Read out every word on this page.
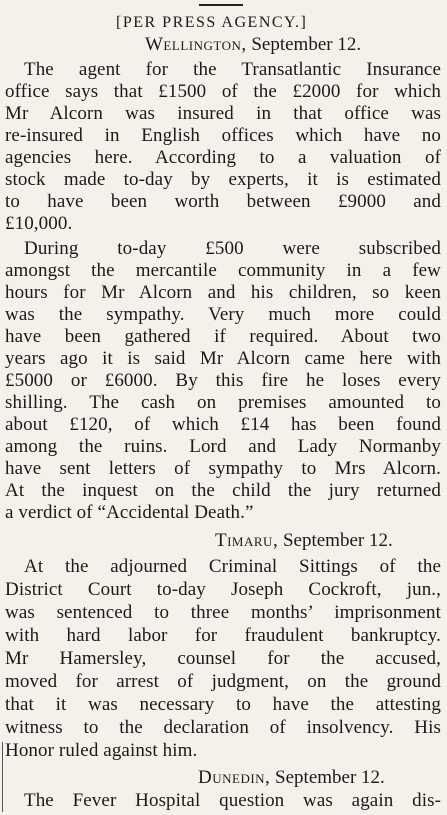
[PER PRESS AGENCY.]
Wellington, September 12.
The agent for the Transatlantic Insurance
office says that £1500 of the £2000 for which
Mr Alcorn was insured in that office was
re-insured in English offices which have no
agencies here. According to a valuation of
stock made to-day by experts, it is estimated
to have been worth between £9000 and
£10,000.
During to-day £500 were subscribed
amongst the mercantile community in a few
hours for Mr Alcorn and his children, so keen
was the sympathy. Very much more could
have been gathered if required. About two
years ago it is said Mr Alcorn came here with
£5000 or £6000. By this fire he loses every
shilling. The cash on premises amounted to
about £120, of which £14 has been found
among the ruins. Lord and Lady Normanby
have sent letters of sympathy to Mrs Alcorn.
At the inquest on the child the jury returned
a verdict of “Accidental Death.”
Timaru, September 12.
At the adjourned Criminal Sittings of the
District Court to-day Joseph Cockroft, jun.,
was sentenced to three months’ imprisonment
with hard labor for fraudulent bankruptcy.
Mr Hamersley, counsel for the accused,
moved for arrest of judgment, on the ground
that it was necessary to have the attesting
witness to the declaration of insolvency. His
Honor ruled against him.
Dunedin, September 12.
The Fever Hospital question was again dis-
